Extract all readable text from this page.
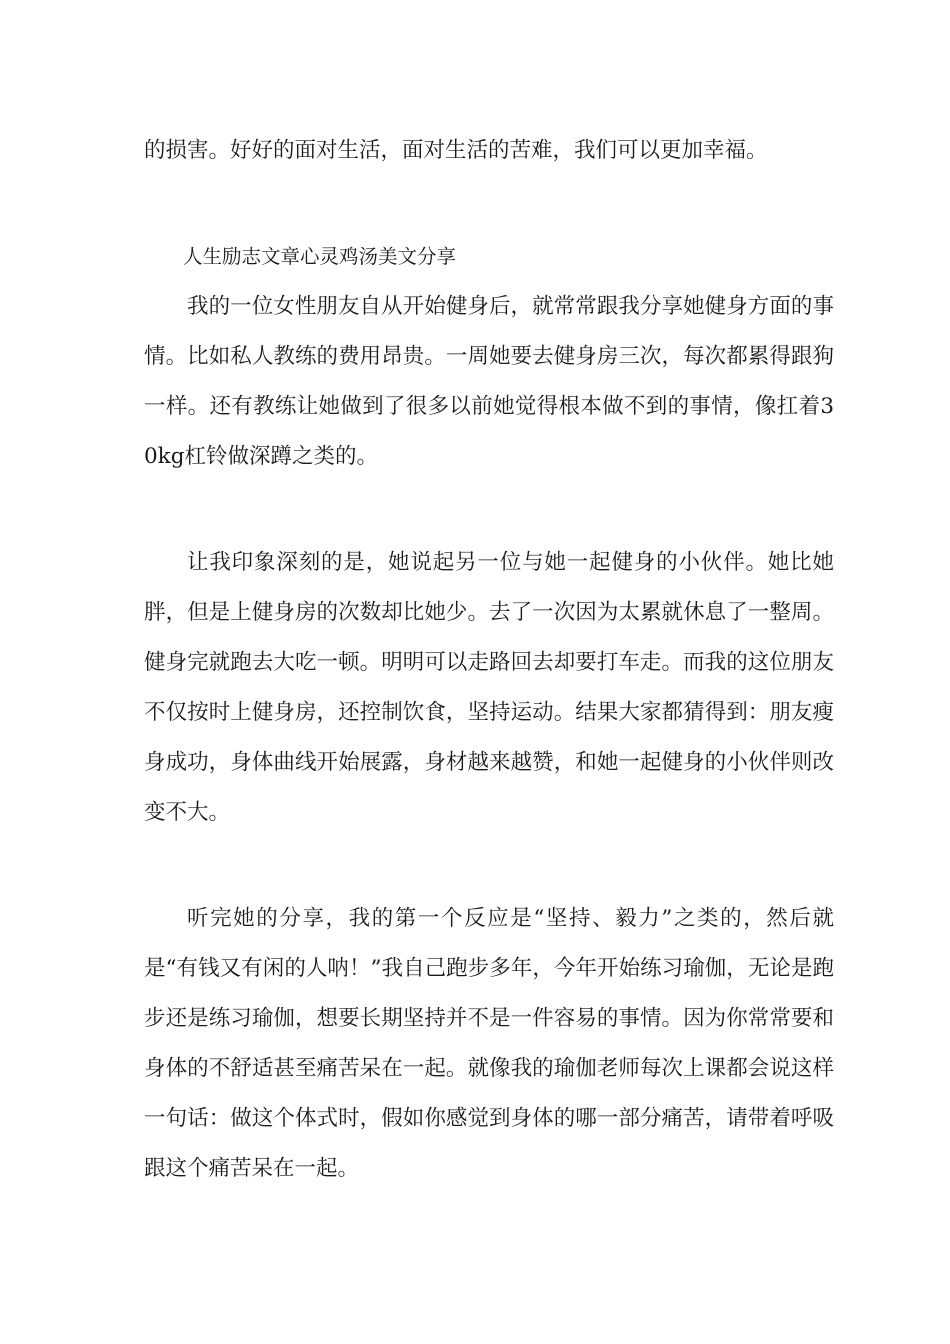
的损害。好好的面对生活，面对生活的苦难，我们可以更加幸福。

人生励志文章心灵鸡汤美文分享

我的一位女性朋友自从开始健身后，就常常跟我分享她健身方面的事情。比如私人教练的费用昂贵。一周她要去健身房三次，每次都累得跟狗一样。还有教练让她做到了很多以前她觉得根本做不到的事情，像扛着30kg杠铃做深蹲之类的。

让我印象深刻的是，她说起另一位与她一起健身的小伙伴。她比她胖，但是上健身房的次数却比她少。去了一次因为太累就休息了一整周。健身完就跑去大吃一顿。明明可以走路回去却要打车走。而我的这位朋友不仅按时上健身房，还控制饮食，坚持运动。结果大家都猜得到：朋友瘦身成功，身体曲线开始展露，身材越来越赞，和她一起健身的小伙伴则改变不大。

听完她的分享，我的第一个反应是“坚持、毅力”之类的，然后就是“有钱又有闲的人呐！”我自己跑步多年，今年开始练习瑜伽，无论是跑步还是练习瑜伽，想要长期坚持并不是一件容易的事情。因为你常常要和身体的不舒适甚至痛苦呆在一起。就像我的瑜伽老师每次上课都会说这样一句话：做这个体式时，假如你感觉到身体的哪一部分痛苦，请带着呼吸跟这个痛苦呆在一起。
